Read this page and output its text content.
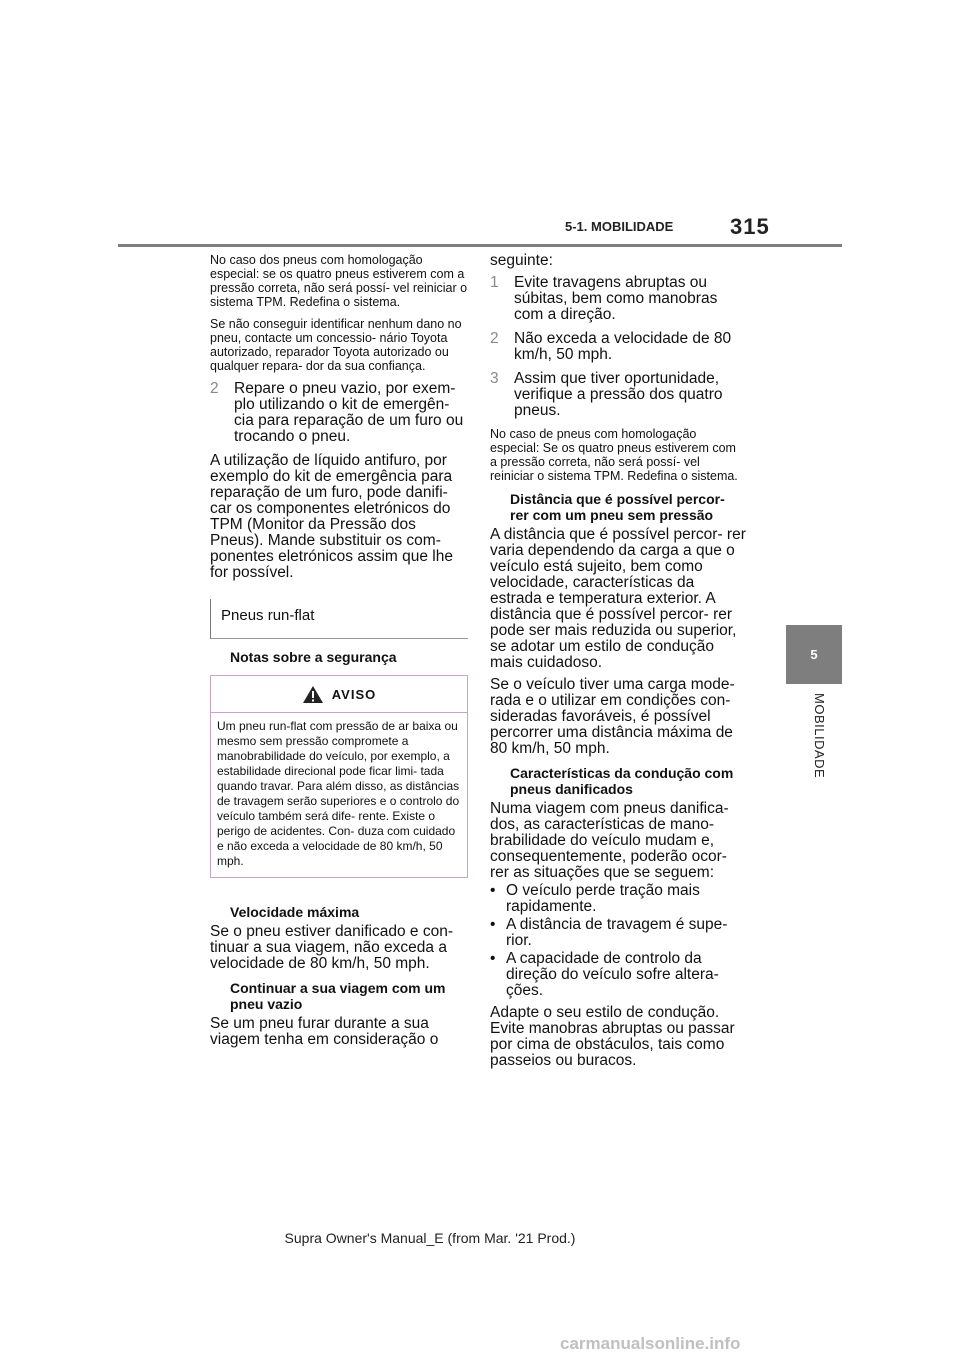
5-1. MOBILIDADE	315
5
MOBILIDADE

No caso dos pneus com homologação especial: se os quatro pneus estiverem com a pressão correta, não será possí- vel reiniciar o sistema TPM. Redefina o sistema.

Se não conseguir identificar nenhum dano no pneu, contacte um concessio- nário Toyota autorizado, reparador Toyota autorizado ou qualquer repara- dor da sua confiança.

2 Repare o pneu vazio, por exem- plo utilizando o kit de emergên- cia para reparação de um furo ou trocando o pneu.

A utilização de líquido antifuro, por exemplo do kit de emergência para reparação de um furo, pode danifi- car os componentes eletrónicos do TPM (Monitor da Pressão dos Pneus). Mande substituir os com- ponentes eletrónicos assim que lhe for possível.

Pneus run-flat
Notas sobre a segurança
AVISO
Um pneu run-flat com pressão de ar baixa ou mesmo sem pressão compromete a manobrabilidade do veículo, por exemplo, a estabilidade direcional pode ficar limi- tada quando travar. Para além disso, as distâncias de travagem serão superiores e o controlo do veículo também será dife- rente. Existe o perigo de acidentes. Con- duza com cuidado e não exceda a velocidade de 80 km/h, 50 mph.
Velocidade máxima

Se o pneu estiver danificado e con- tinuar a sua viagem, não exceda a velocidade de 80 km/h, 50 mph.

Continuar a sua viagem com um pneu vazio

Se um pneu furar durante a sua viagem tenha em consideração o

seguinte:

1 Evite travagens abruptas ou súbitas, bem como manobras com a direção.
2 Não exceda a velocidade de 80 km/h, 50 mph.
3 Assim que tiver oportunidade, verifique a pressão dos quatro pneus.

No caso de pneus com homologação especial: Se os quatro pneus estiverem com a pressão correta, não será possí- vel reiniciar o sistema TPM. Redefina o sistema.

Distância que é possível percor- rer com um pneu sem pressão

A distância que é possível percor- rer varia dependendo da carga a que o veículo está sujeito, bem como velocidade, características da estrada e temperatura exterior. A distância que é possível percor- rer pode ser mais reduzida ou superior, se adotar um estilo de condução mais cuidadoso.

Se o veículo tiver uma carga mode- rada e o utilizar em condições con- sideradas favoráveis, é possível percorrer uma distância máxima de 80 km/h, 50 mph.

Características da condução com pneus danificados

Numa viagem com pneus danifica- dos, as características de mano- brabilidade do veículo mudam e, consequentemente, poderão ocor- rer as situações que se seguem:

• O veículo perde tração mais rapidamente.
• A distância de travagem é supe- rior.
• A capacidade de controlo da direção do veículo sofre altera- ções.

Adapte o seu estilo de condução. Evite manobras abruptas ou passar por cima de obstáculos, tais como passeios ou buracos.

Supra Owner's Manual_E (from Mar. '21 Prod.)
carmanualsonline.info
